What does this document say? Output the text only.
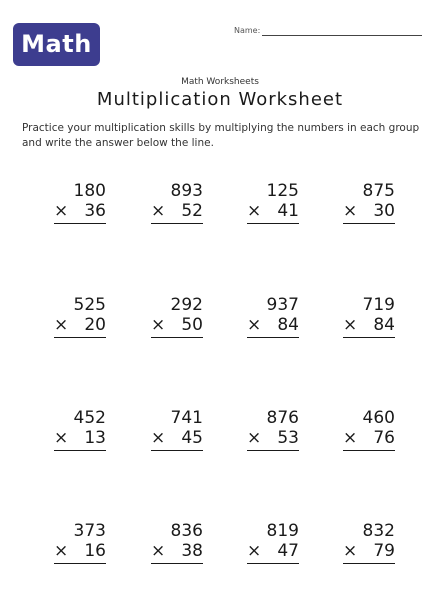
Math	Name:
Math Worksheets
Multiplication Worksheet
Practice your multiplication skills by multiplying the numbers in each group and write the answer below the line.
180
× 36
893
× 52
125
× 41
875
× 30
525
× 20
292
× 50
937
× 84
719
× 84
452
× 13
741
× 45
876
× 53
460
× 76
373
× 16
836
× 38
819
× 47
832
× 79
